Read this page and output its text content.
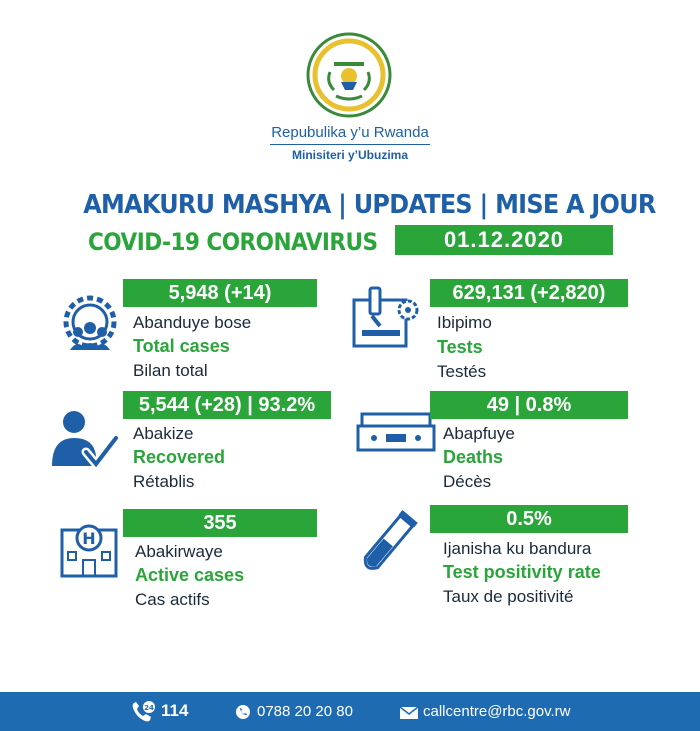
Repubulika y’u Rwanda
Minisiteri y’Ubuzima
AMAKURU MASHYA | UPDATES | MISE A JOUR
COVID-19 CORONAVIRUS	01.12.2020
5,948 (+14)
Abanduye bose
Total cases
Bilan total
629,131 (+2,820)
Ibipimo
Tests
Testés
5,544 (+28) | 93.2%
Abakize
Recovered
Rétablis
49 | 0.8%
Abapfuye
Deaths
Décès
H
355
Abakirwaye
Active cases
Cas actifs
0.5%
Ijanisha ku bandura
Test positivity rate
Taux de positivité
24 114	0788 20 20 80	callcentre@rbc.gov.rw
